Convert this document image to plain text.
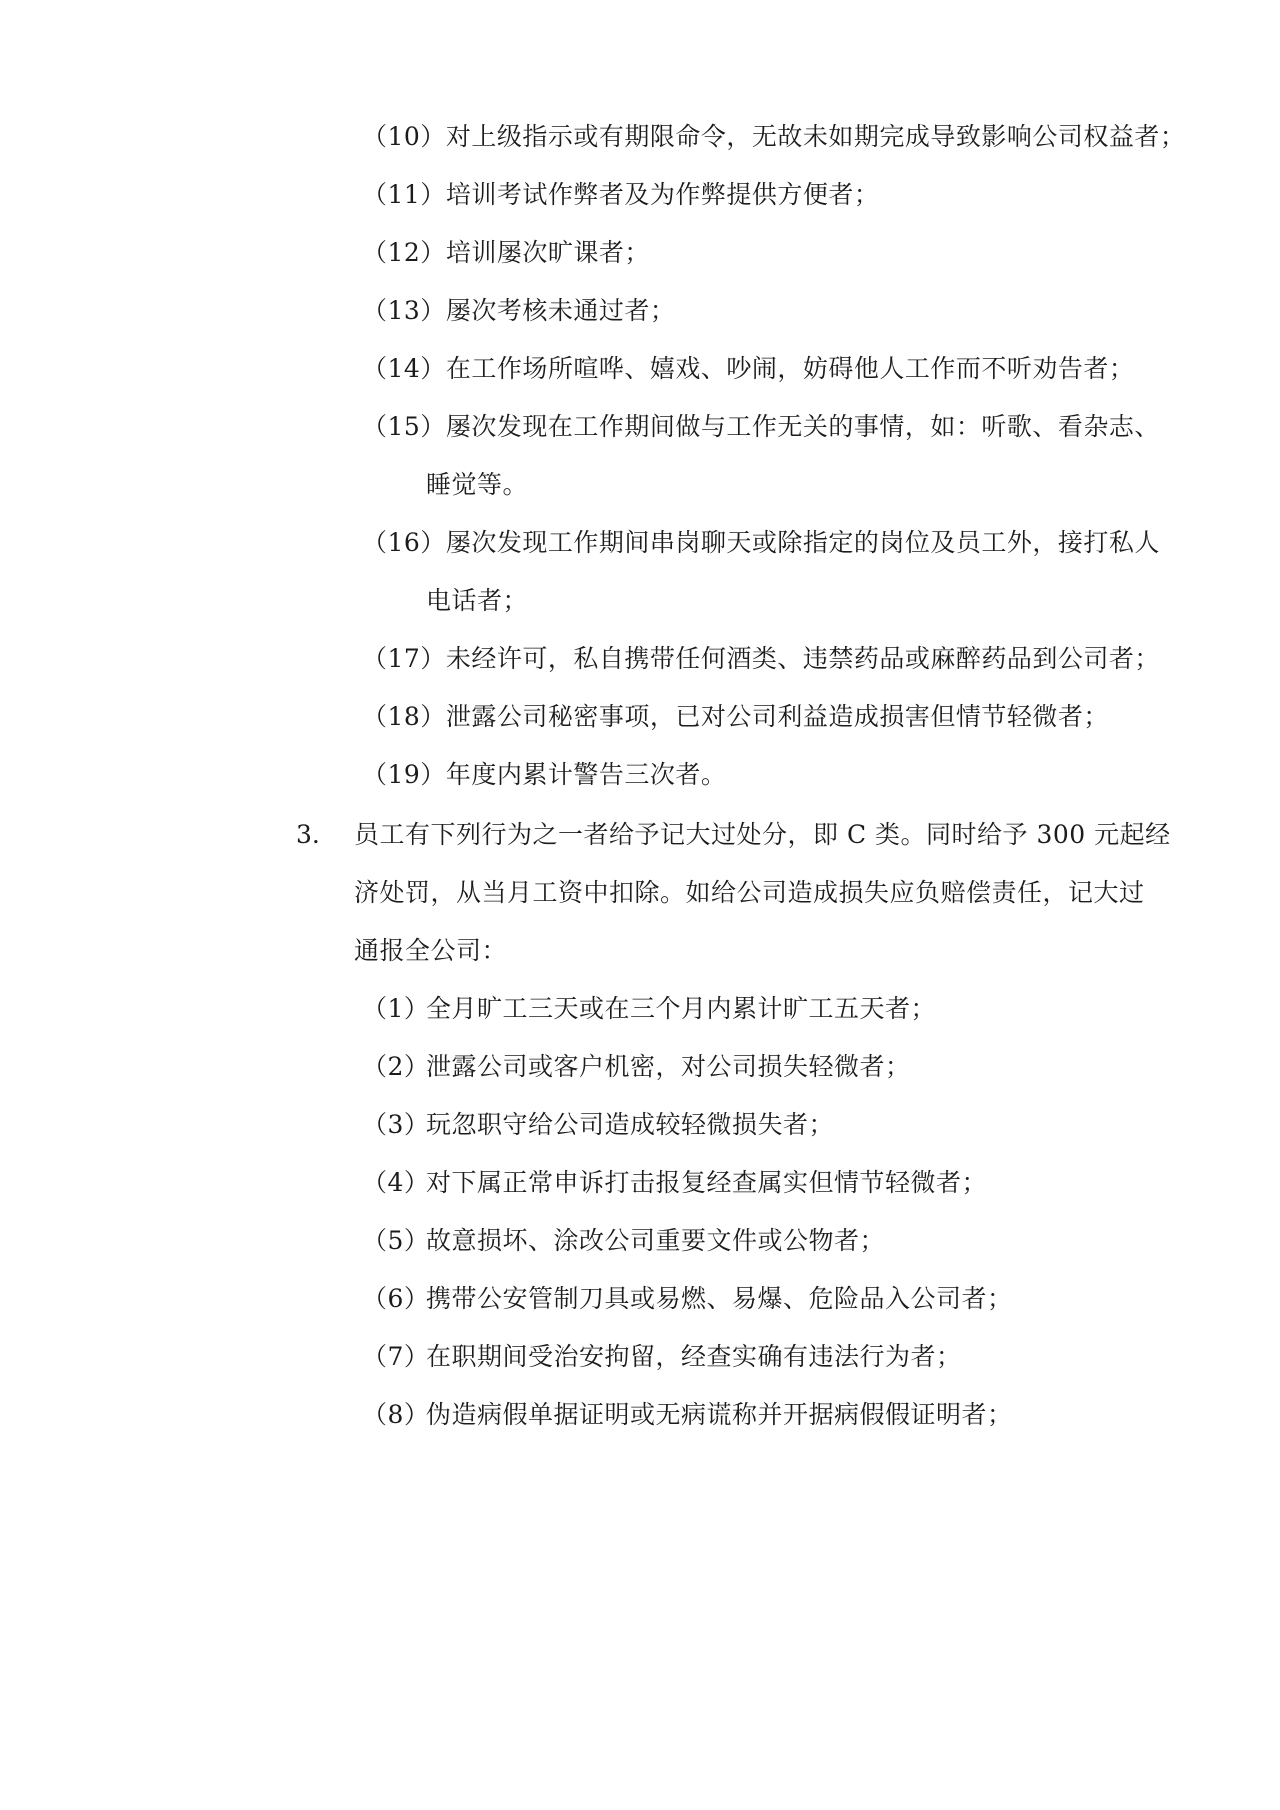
（10）对上级指示或有期限命令，无故未如期完成导致影响公司权益者；
（11）培训考试作弊者及为作弊提供方便者；
（12）培训屡次旷课者；
（13）屡次考核未通过者；
（14）在工作场所喧哗、嬉戏、吵闹，妨碍他人工作而不听劝告者；
（15）屡次发现在工作期间做与工作无关的事情，如：听歌、看杂志、
睡觉等。
（16）屡次发现工作期间串岗聊天或除指定的岗位及员工外，接打私人
电话者；
（17）未经许可，私自携带任何酒类、违禁药品或麻醉药品到公司者；
（18）泄露公司秘密事项，已对公司利益造成损害但情节轻微者；
（19）年度内累计警告三次者。
3. 员工有下列行为之一者给予记大过处分，即 C 类。同时给予 300 元起经
济处罚，从当月工资中扣除。如给公司造成损失应负赔偿责任，记大过
通报全公司：
（1）全月旷工三天或在三个月内累计旷工五天者；
（2）泄露公司或客户机密，对公司损失轻微者；
（3）玩忽职守给公司造成较轻微损失者；
（4）对下属正常申诉打击报复经查属实但情节轻微者；
（5）故意损坏、涂改公司重要文件或公物者；
（6）携带公安管制刀具或易燃、易爆、危险品入公司者；
（7）在职期间受治安拘留，经查实确有违法行为者；
（8）伪造病假单据证明或无病谎称并开据病假假证明者；
